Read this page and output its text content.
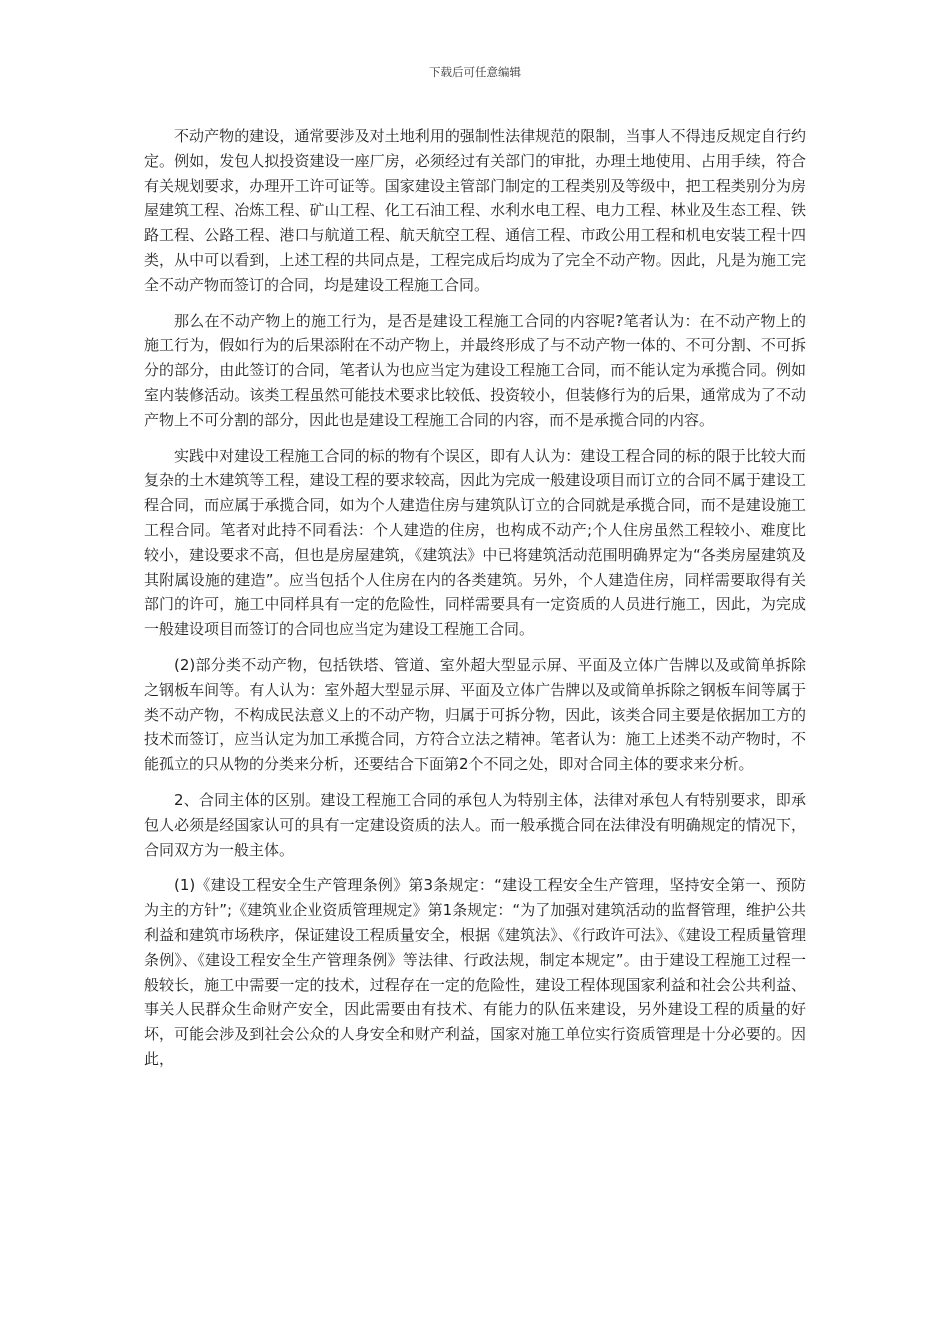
下载后可任意编辑

不动产物的建设，通常要涉及对土地利用的强制性法律规范的限制，当事人不得违反规定自行约定。例如，发包人拟投资建设一座厂房，必须经过有关部门的审批，办理土地使用、占用手续，符合有关规划要求，办理开工许可证等。国家建设主管部门制定的工程类别及等级中，把工程类别分为房屋建筑工程、冶炼工程、矿山工程、化工石油工程、水利水电工程、电力工程、林业及生态工程、铁路工程、公路工程、港口与航道工程、航天航空工程、通信工程、市政公用工程和机电安装工程十四类，从中可以看到，上述工程的共同点是，工程完成后均成为了完全不动产物。因此，凡是为施工完全不动产物而签订的合同，均是建设工程施工合同。

那么在不动产物上的施工行为，是否是建设工程施工合同的内容呢?笔者认为：在不动产物上的施工行为，假如行为的后果添附在不动产物上，并最终形成了与不动产物一体的、不可分割、不可拆分的部分，由此签订的合同，笔者认为也应当定为建设工程施工合同，而不能认定为承揽合同。例如室内装修活动。该类工程虽然可能技术要求比较低、投资较小，但装修行为的后果，通常成为了不动产物上不可分割的部分，因此也是建设工程施工合同的内容，而不是承揽合同的内容。

实践中对建设工程施工合同的标的物有个误区，即有人认为：建设工程合同的标的限于比较大而复杂的土木建筑等工程，建设工程的要求较高，因此为完成一般建设项目而订立的合同不属于建设工程合同，而应属于承揽合同，如为个人建造住房与建筑队订立的合同就是承揽合同，而不是建设施工工程合同。笔者对此持不同看法：个人建造的住房，也构成不动产;个人住房虽然工程较小、难度比较小，建设要求不高，但也是房屋建筑，《建筑法》中已将建筑活动范围明确界定为“各类房屋建筑及其附属设施的建造”。应当包括个人住房在内的各类建筑。另外，个人建造住房，同样需要取得有关部门的许可，施工中同样具有一定的危险性，同样需要具有一定资质的人员进行施工，因此，为完成一般建设项目而签订的合同也应当定为建设工程施工合同。

(2)部分类不动产物，包括铁塔、管道、室外超大型显示屏、平面及立体广告牌以及或简单拆除之钢板车间等。有人认为：室外超大型显示屏、平面及立体广告牌以及或简单拆除之钢板车间等属于类不动产物，不构成民法意义上的不动产物，归属于可拆分物，因此，该类合同主要是依据加工方的技术而签订，应当认定为加工承揽合同，方符合立法之精神。笔者认为：施工上述类不动产物时，不能孤立的只从物的分类来分析，还要结合下面第2个不同之处，即对合同主体的要求来分析。

2、合同主体的区别。建设工程施工合同的承包人为特别主体，法律对承包人有特别要求，即承包人必须是经国家认可的具有一定建设资质的法人。而一般承揽合同在法律没有明确规定的情况下，合同双方为一般主体。

(1)《建设工程安全生产管理条例》第3条规定：“建设工程安全生产管理，坚持安全第一、预防为主的方针”;《建筑业企业资质管理规定》第1条规定：“为了加强对建筑活动的监督管理，维护公共利益和建筑市场秩序，保证建设工程质量安全，根据《建筑法》、《行政许可法》、《建设工程质量管理条例》、《建设工程安全生产管理条例》等法律、行政法规，制定本规定”。由于建设工程施工过程一般较长，施工中需要一定的技术，过程存在一定的危险性，建设工程体现国家利益和社会公共利益、事关人民群众生命财产安全，因此需要由有技术、有能力的队伍来建设，另外建设工程的质量的好坏，可能会涉及到社会公众的人身安全和财产利益，国家对施工单位实行资质管理是十分必要的。因此，
